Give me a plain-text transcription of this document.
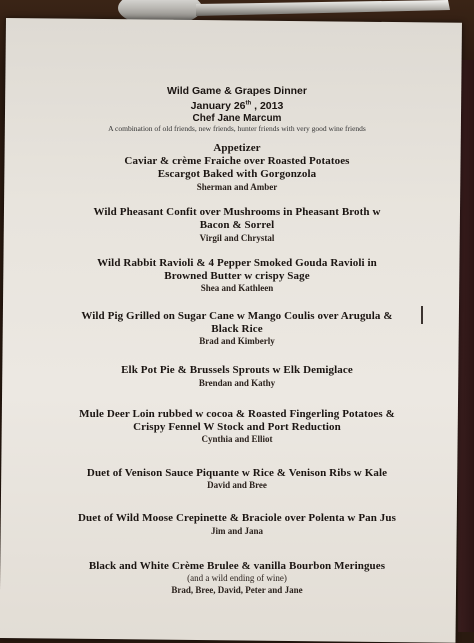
Wild Game & Grapes Dinner
January 26th , 2013
Chef Jane Marcum
A combination of old friends, new friends, hunter friends with very good wine friends
Appetizer
Caviar & crème Fraiche over Roasted Potatoes
Escargot Baked with Gorgonzola
Sherman and Amber
Wild Pheasant Confit over Mushrooms in Pheasant Broth w
Bacon & Sorrel
Virgil and Chrystal
Wild Rabbit Ravioli & 4 Pepper Smoked Gouda Ravioli in
Browned Butter w crispy Sage
Shea and Kathleen
Wild Pig Grilled on Sugar Cane w Mango Coulis over Arugula &
Black Rice
Brad and Kimberly
Elk Pot Pie & Brussels Sprouts w Elk Demiglace
Brendan and Kathy
Mule Deer Loin rubbed w cocoa & Roasted Fingerling Potatoes &
Crispy Fennel W Stock and Port Reduction
Cynthia and Elliot
Duet of Venison Sauce Piquante w Rice & Venison Ribs w Kale
David and Bree
Duet of Wild Moose Crepinette & Braciole over Polenta w Pan Jus
Jim and Jana
Black and White Crème Brulee & vanilla Bourbon Meringues
(and a wild ending of wine)
Brad, Bree, David, Peter and Jane
